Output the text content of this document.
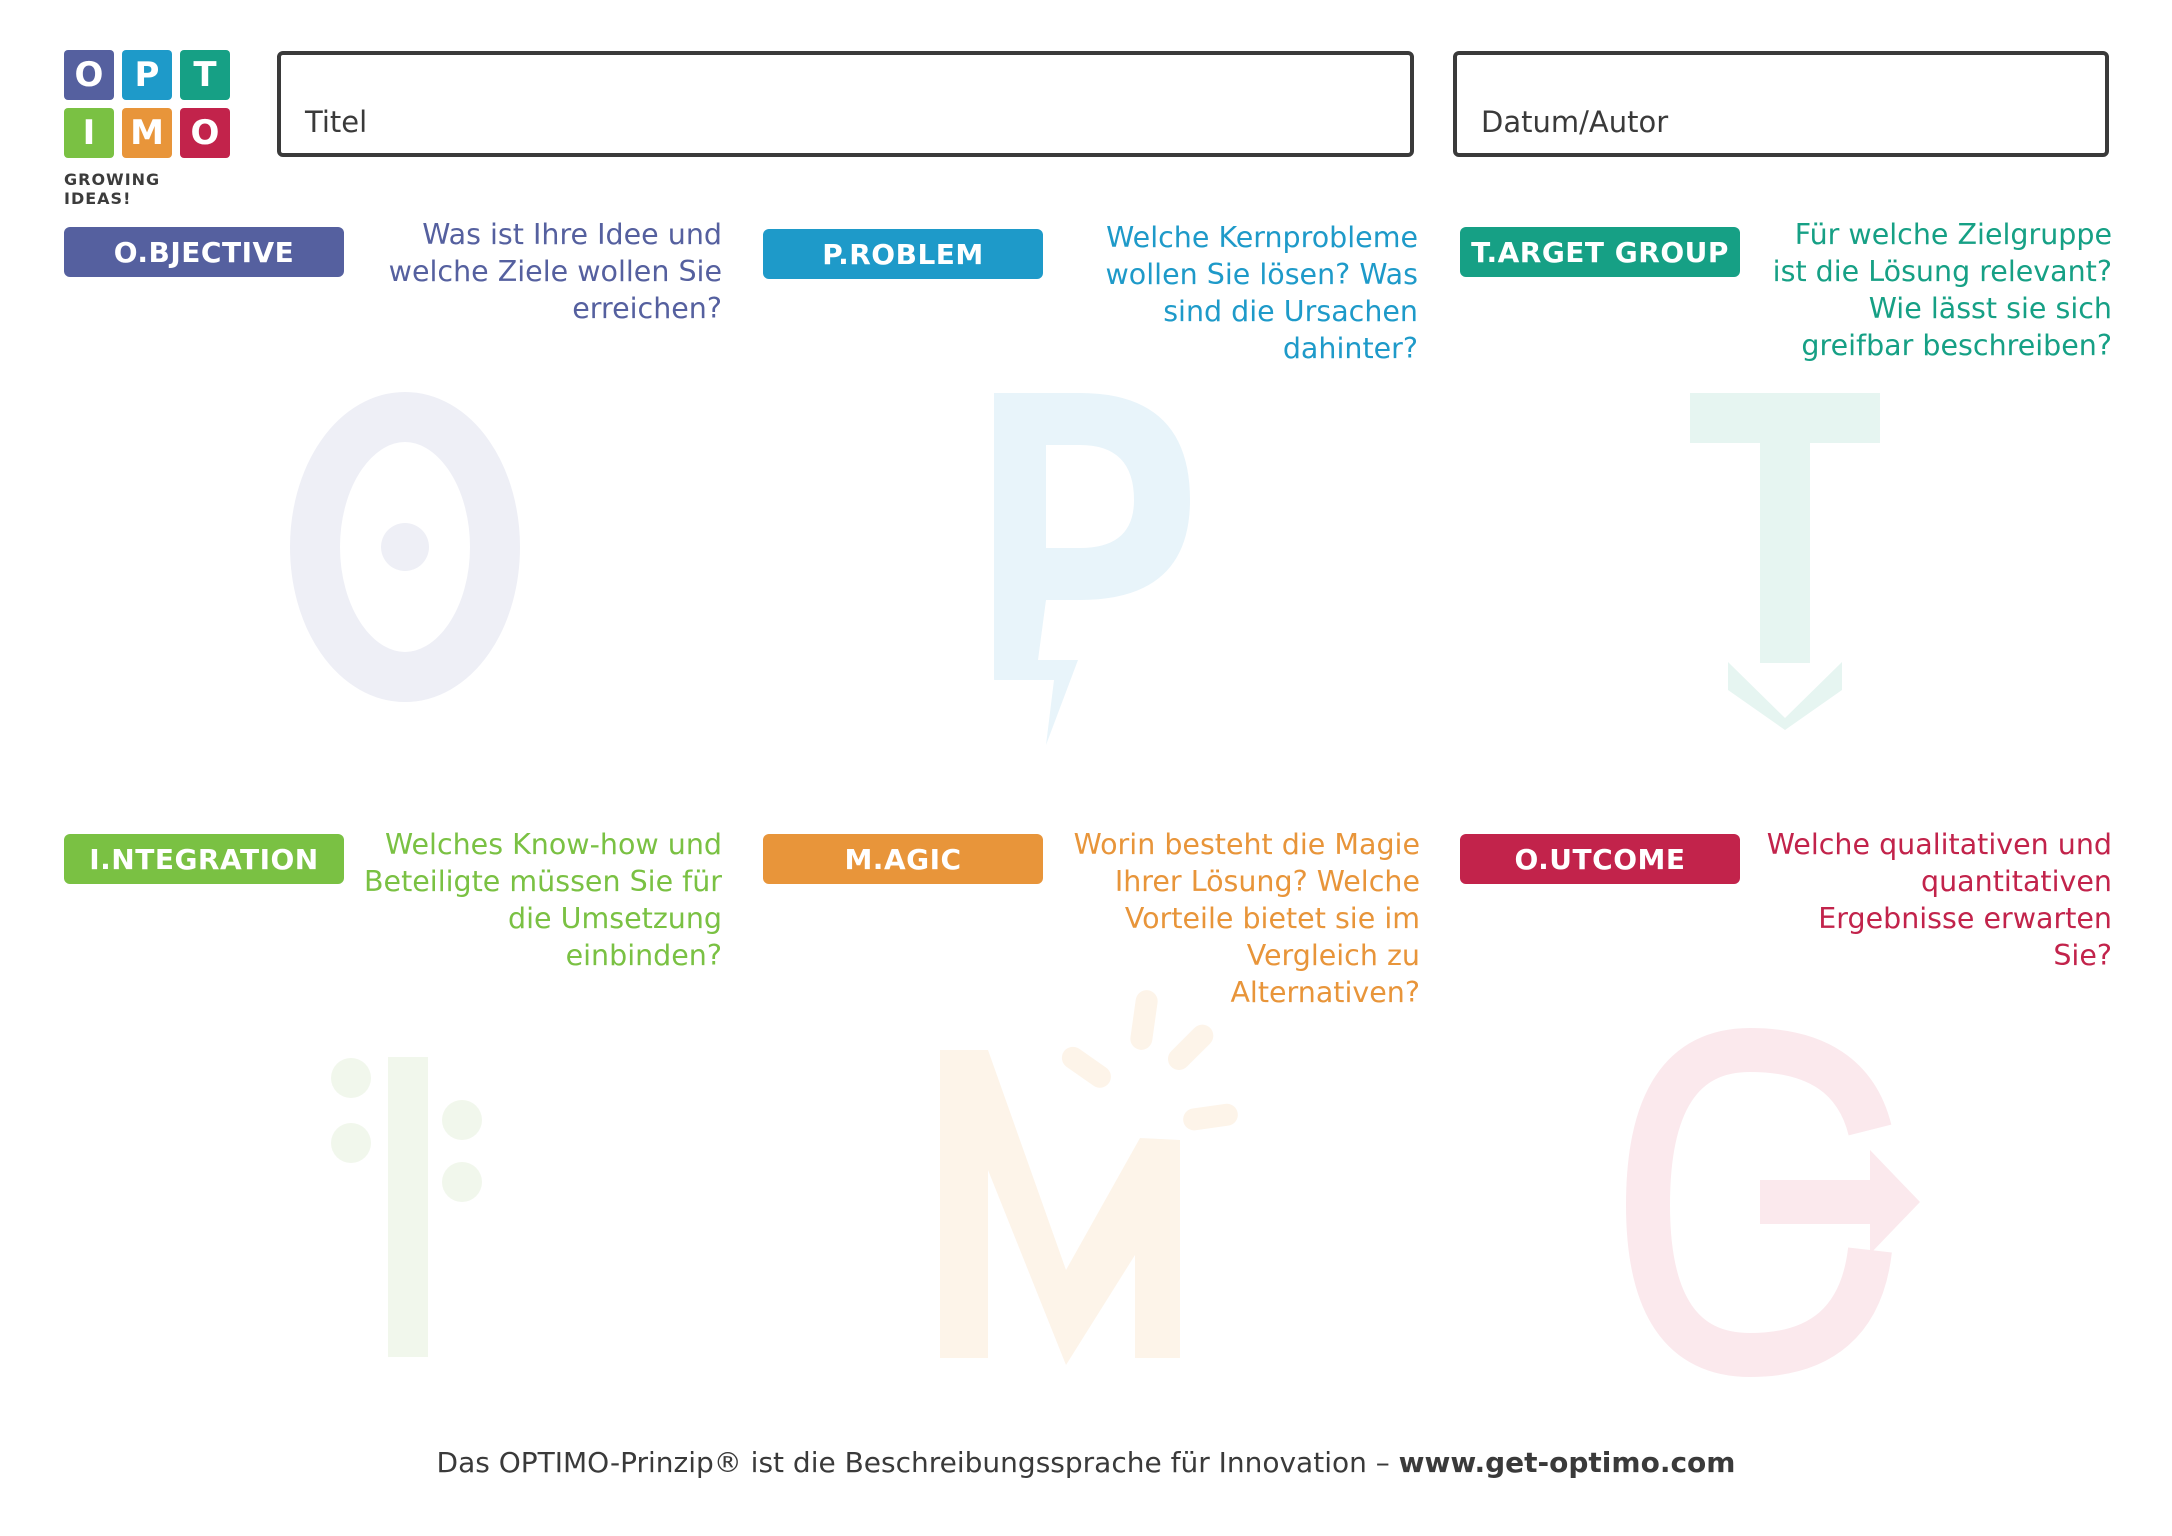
O P T
I	M O
GROWING IDEAS!
Titel	Datum/Autor
O.BJECTIVE
Was ist Ihre Idee und welche Ziele wollen Sie erreichen?
P.ROBLEM	Welche Kernprobleme wollen Sie lösen? Was sind die Ursachen dahinter?
T.ARGET GROUP
Für welche Zielgruppe ist die Lösung relevant? Wie lässt sie sich greifbar beschreiben?
I.NTEGRATION	Welches Know-how und Beteiligte müssen Sie für die Umsetzung einbinden?
M.AGIC	Worin besteht die Magie Ihrer Lösung? Welche Vorteile bietet sie im Vergleich zu Alternativen?
O.UTCOME	Welche qualitativen und quantitativen Ergebnisse erwarten Sie?
Das OPTIMO-Prinzip® ist die Beschreibungssprache für Innovation – www.get-optimo.com
